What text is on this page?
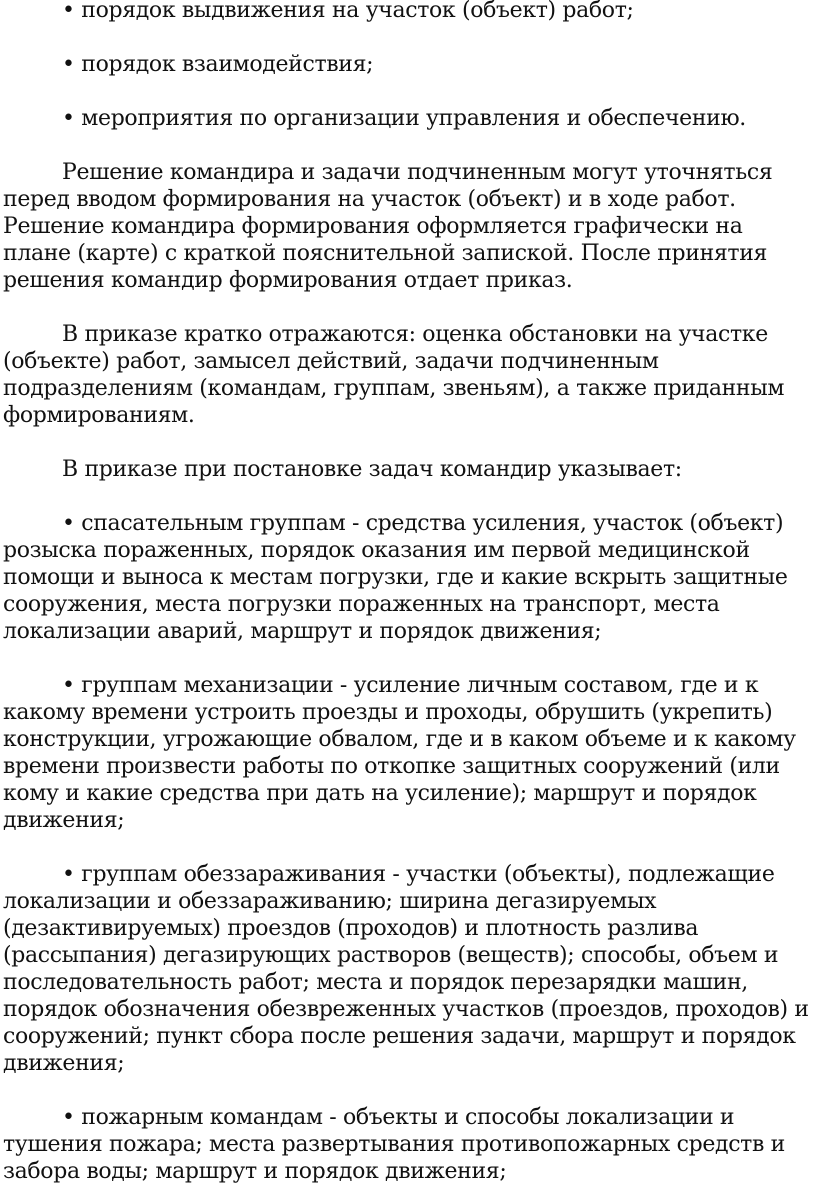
• порядок выдвижения на участок (объект) работ;

• порядок взаимодействия;

• мероприятия по организации управления и обеспечению.

Решение командира и задачи подчиненным могут уточняться перед вводом формирования на участок (объект) и в ходе работ. Решение командира формирования оформляется графически на плане (карте) с краткой пояснительной запиской. После принятия решения командир формирования отдает приказ.

В приказе кратко отражаются: оценка обстановки на участке (объекте) работ, замысел действий, задачи подчиненным подразделениям (командам, группам, звеньям), а также приданным формированиям.

В приказе при постановке задач командир указывает:

• спасательным группам - средства усиления, участок (объект) розыска пораженных, порядок оказания им первой медицинской помощи и выноса к местам погрузки, где и какие вскрыть защитные сооружения, места погрузки пораженных на транспорт, места локализации аварий, маршрут и порядок движения;

• группам механизации - усиление личным составом, где и к какому времени устроить проезды и проходы, обрушить (укрепить) конструкции, угрожающие обвалом, где и в каком объеме и к какому времени произвести работы по откопке защитных сооружений (или кому и какие средства при дать на усиление); маршрут и порядок движения;

• группам обеззараживания - участки (объекты), подлежащие локализации и обеззараживанию; ширина дегазируемых (дезактивируемых) проездов (проходов) и плотность разлива (рассыпания) дегазирующих растворов (веществ); способы, объем и последовательность работ; места и порядок перезарядки машин, порядок обозначения обезвреженных участков (проездов, проходов) и сооружений; пункт сбора после решения задачи, маршрут и порядок движения;

• пожарным командам - объекты и способы локализации и тушения пожара; места развертывания противопожарных средств и забора воды; маршрут и порядок движения;
